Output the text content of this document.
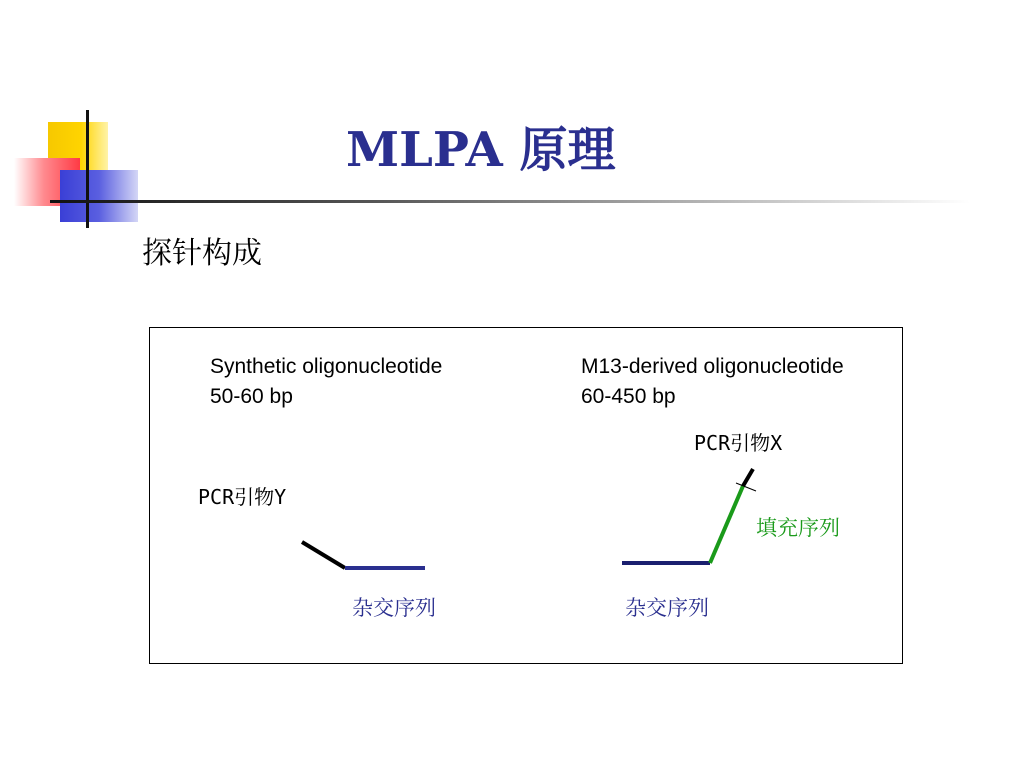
MLPA 原理
探针构成
Synthetic oligonucleotide
50-60 bp
PCR引物Y
杂交序列
M13-derived oligonucleotide
60-450 bp
PCR引物X
填充序列
杂交序列
